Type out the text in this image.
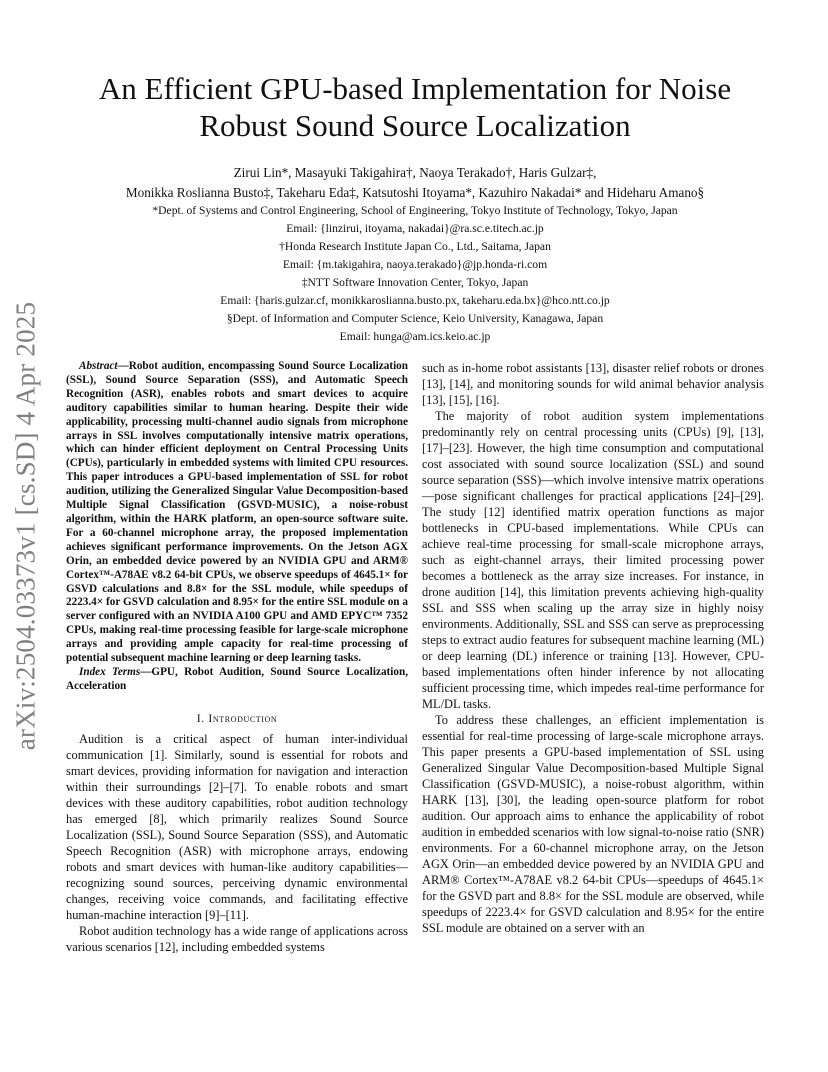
arXiv:2504.03373v1 [cs.SD] 4 Apr 2025
An Efficient GPU-based Implementation for Noise Robust Sound Source Localization
Zirui Lin*, Masayuki Takigahira†, Naoya Terakado†, Haris Gulzar‡,
Monikka Roslianna Busto‡, Takeharu Eda‡, Katsutoshi Itoyama*, Kazuhiro Nakadai* and Hideharu Amano§
*Dept. of Systems and Control Engineering, School of Engineering, Tokyo Institute of Technology, Tokyo, Japan
Email: {linzirui, itoyama, nakadai}@ra.sc.e.titech.ac.jp
†Honda Research Institute Japan Co., Ltd., Saitama, Japan
Email: {m.takigahira, naoya.terakado}@jp.honda-ri.com
‡NTT Software Innovation Center, Tokyo, Japan
Email: {haris.gulzar.cf, monikkaroslianna.busto.px, takeharu.eda.bx}@hco.ntt.co.jp
§Dept. of Information and Computer Science, Keio University, Kanagawa, Japan
Email: hunga@am.ics.keio.ac.jp

Abstract—Robot audition, encompassing Sound Source Localization (SSL), Sound Source Separation (SSS), and Automatic Speech Recognition (ASR), enables robots and smart devices to acquire auditory capabilities similar to human hearing. Despite their wide applicability, processing multi-channel audio signals from microphone arrays in SSL involves computationally intensive matrix operations, which can hinder efficient deployment on Central Processing Units (CPUs), particularly in embedded systems with limited CPU resources. This paper introduces a GPU-based implementation of SSL for robot audition, utilizing the Generalized Singular Value Decomposition-based Multiple Signal Classification (GSVD-MUSIC), a noise-robust algorithm, within the HARK platform, an open-source software suite. For a 60-channel microphone array, the proposed implementation achieves significant performance improvements. On the Jetson AGX Orin, an embedded device powered by an NVIDIA GPU and ARM® Cortex™-A78AE v8.2 64-bit CPUs, we observe speedups of 4645.1× for GSVD calculations and 8.8× for the SSL module, while speedups of 2223.4× for GSVD calculation and 8.95× for the entire SSL module on a server configured with an NVIDIA A100 GPU and AMD EPYC™ 7352 CPUs, making real-time processing feasible for large-scale microphone arrays and providing ample capacity for real-time processing of potential subsequent machine learning or deep learning tasks.

Index Terms—GPU, Robot Audition, Sound Source Localization, Acceleration

I. Introduction

Audition is a critical aspect of human inter-individual communication [1]. Similarly, sound is essential for robots and smart devices, providing information for navigation and interaction within their surroundings [2]–[7]. To enable robots and smart devices with these auditory capabilities, robot audition technology has emerged [8], which primarily realizes Sound Source Localization (SSL), Sound Source Separation (SSS), and Automatic Speech Recognition (ASR) with microphone arrays, endowing robots and smart devices with human-like auditory capabilities—recognizing sound sources, perceiving dynamic environmental changes, receiving voice commands, and facilitating effective human-machine interaction [9]–[11].

Robot audition technology has a wide range of applications across various scenarios [12], including embedded systems

such as in-home robot assistants [13], disaster relief robots or drones [13], [14], and monitoring sounds for wild animal behavior analysis [13], [15], [16].

The majority of robot audition system implementations predominantly rely on central processing units (CPUs) [9], [13], [17]–[23]. However, the high time consumption and computational cost associated with sound source localization (SSL) and sound source separation (SSS)—which involve intensive matrix operations—pose significant challenges for practical applications [24]–[29]. The study [12] identified matrix operation functions as major bottlenecks in CPU-based implementations. While CPUs can achieve real-time processing for small-scale microphone arrays, such as eight-channel arrays, their limited processing power becomes a bottleneck as the array size increases. For instance, in drone audition [14], this limitation prevents achieving high-quality SSL and SSS when scaling up the array size in highly noisy environments. Additionally, SSL and SSS can serve as preprocessing steps to extract audio features for subsequent machine learning (ML) or deep learning (DL) inference or training [13]. However, CPU-based implementations often hinder inference by not allocating sufficient processing time, which impedes real-time performance for ML/DL tasks.

To address these challenges, an efficient implementation is essential for real-time processing of large-scale microphone arrays. This paper presents a GPU-based implementation of SSL using Generalized Singular Value Decomposition-based Multiple Signal Classification (GSVD-MUSIC), a noise-robust algorithm, within HARK [13], [30], the leading open-source platform for robot audition. Our approach aims to enhance the applicability of robot audition in embedded scenarios with low signal-to-noise ratio (SNR) environments. For a 60-channel microphone array, on the Jetson AGX Orin—an embedded device powered by an NVIDIA GPU and ARM® Cortex™-A78AE v8.2 64-bit CPUs—speedups of 4645.1× for the GSVD part and 8.8× for the SSL module are observed, while speedups of 2223.4× for GSVD calculation and 8.95× for the entire SSL module are obtained on a server with an
